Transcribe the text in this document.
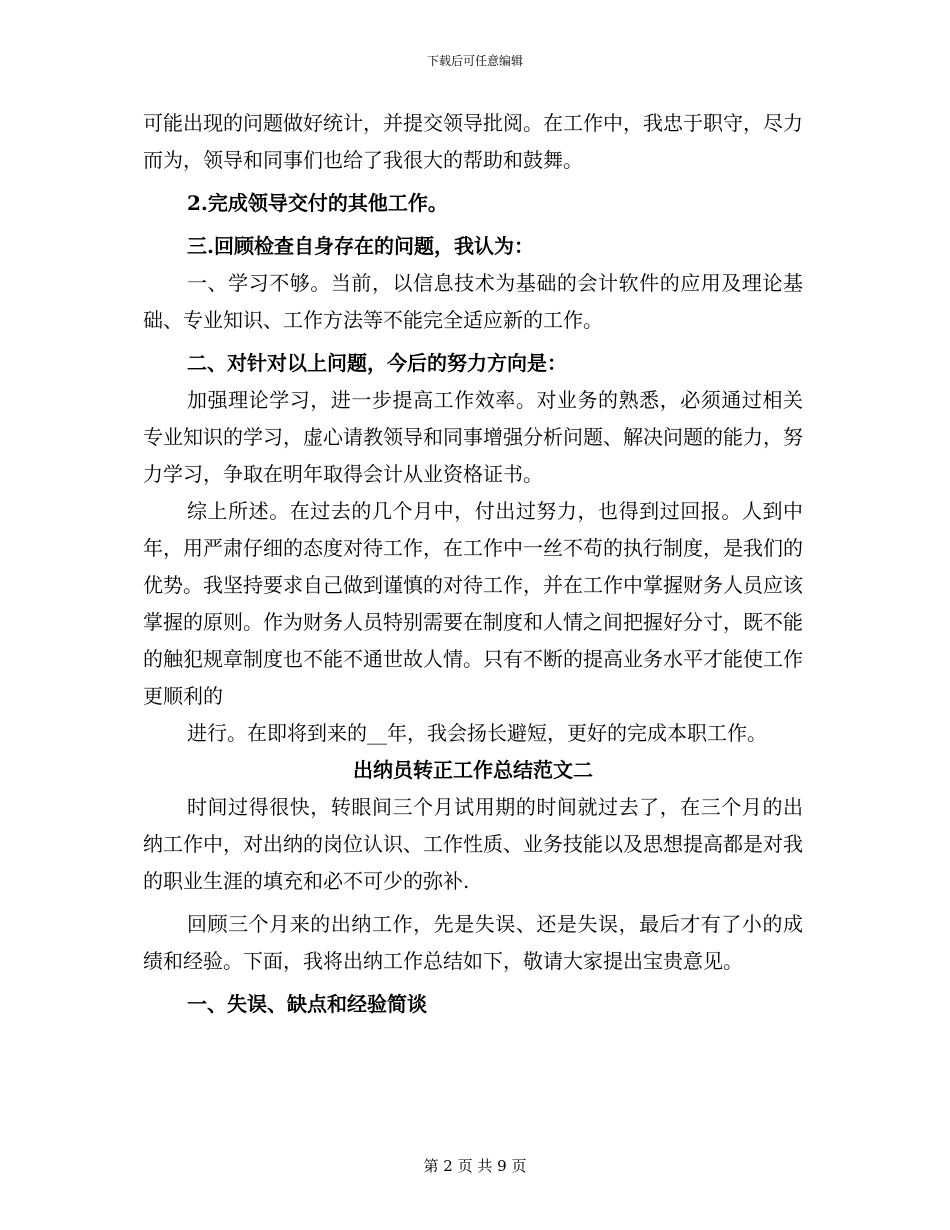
下载后可任意编辑

可能出现的问题做好统计，并提交领导批阅。在工作中，我忠于职守，尽力而为，领导和同事们也给了我很大的帮助和鼓舞。

2.完成领导交付的其他工作。

三.回顾检查自身存在的问题，我认为：

一、学习不够。当前，以信息技术为基础的会计软件的应用及理论基础、专业知识、工作方法等不能完全适应新的工作。

二、对针对以上问题，今后的努力方向是：

加强理论学习，进一步提高工作效率。对业务的熟悉，必须通过相关专业知识的学习，虚心请教领导和同事增强分析问题、解决问题的能力，努力学习，争取在明年取得会计从业资格证书。

综上所述。在过去的几个月中，付出过努力，也得到过回报。人到中年，用严肃仔细的态度对待工作，在工作中一丝不苟的执行制度，是我们的优势。我坚持要求自己做到谨慎的对待工作，并在工作中掌握财务人员应该掌握的原则。作为财务人员特别需要在制度和人情之间把握好分寸，既不能的触犯规章制度也不能不通世故人情。只有不断的提高业务水平才能使工作更顺利的

进行。在即将到来的__年，我会扬长避短，更好的完成本职工作。

出纳员转正工作总结范文二

时间过得很快，转眼间三个月试用期的时间就过去了，在三个月的出纳工作中，对出纳的岗位认识、工作性质、业务技能以及思想提高都是对我的职业生涯的填充和必不可少的弥补.

回顾三个月来的出纳工作，先是失误、还是失误，最后才有了小的成绩和经验。下面，我将出纳工作总结如下，敬请大家提出宝贵意见。

一、失误、缺点和经验简谈

第 2 页 共 9 页
